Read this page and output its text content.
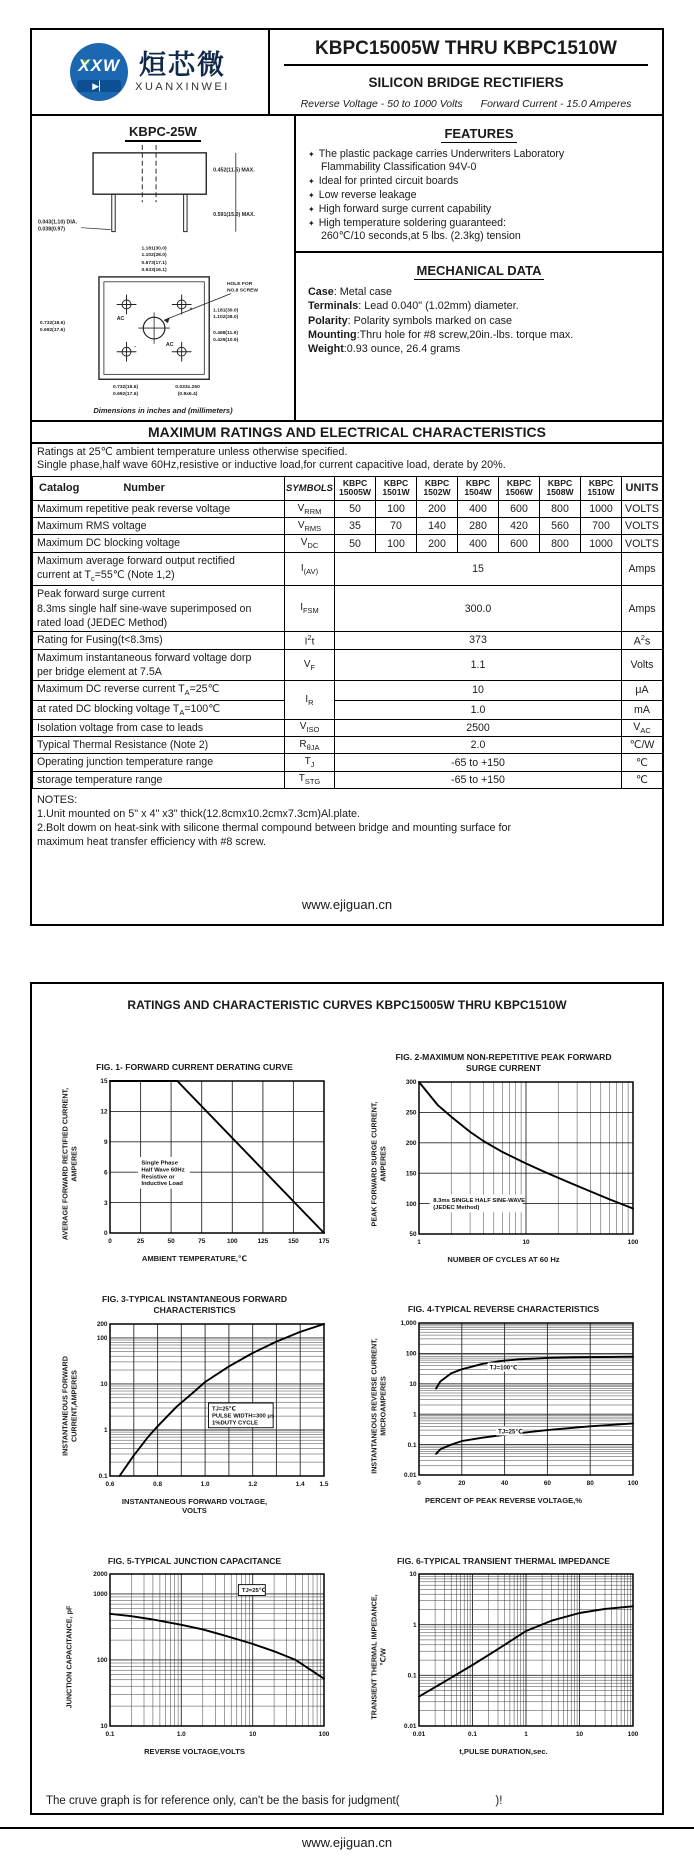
XXW
▶▏
烜芯微
XUANXINWEI
KBPC15005W THRU KBPC1510W
SILICON BRIDGE RECTIFIERS
Reverse Voltage - 50 to 1000 Volts Forward Current - 15.0 Amperes
KBPC-25W
0.452(11.5) MAX.
0.591(15.0) MAX.
0.043(1.10) DIA.
0.038(0.97)
1.181(30.0)
1.102(28.0)
0.673(17.1)
0.633(16.1)
AC
-	AC
HOLE FOR
NO.8 SCREW
1.181(30.0)
1.102(28.0)
0.468(11.9)
0.429(10.9)
0.732(18.6)
0.692(17.6)
0.732(18.6)
0.692(17.6)
0.033x.250
(0.8x6.4)
Dimensions in inches and (millimeters)
FEATURES
✦ The plastic package carries Underwriters Laboratory
Flammability Classification 94V-0
✦ Ideal for printed circuit boards
✦ Low reverse leakage
✦ High forward surge current capability
✦ High temperature soldering guaranteed:
260℃/10 seconds,at 5 lbs. (2.3kg) tension
MECHANICAL DATA
Case: Metal case
Terminals: Lead 0.040" (1.02mm) diameter.
Polarity: Polarity symbols marked on case
Mounting:Thru hole for #8 screw,20in.-lbs. torque max.
Weight:0.93 ounce, 26.4 grams
MAXIMUM RATINGS AND ELECTRICAL CHARACTERISTICS
Ratings at 25℃ ambient temperature unless otherwise specified.
Single phase,half wave 60Hz,resistive or inductive load,for current capacitive load, derate by 20%.
Catalog Number	SYMBOLS	KBPC
15005W	KBPC
1501W	KBPC
1502W	KBPC
1504W	KBPC
1506W	KBPC
1508W	KBPC
1510W	UNITS
Maximum repetitive peak reverse voltage	$V_{RRM}$	50	100	200	400	600	800	1000	VOLTS
Maximum RMS voltage	$V_{RMS}$	35	70	140	280	420	560	700	VOLTS
Maximum DC blocking voltage	$V_{DC}$	50	100	200	400	600	800	1000	VOLTS
Maximum average forward output rectified
current at $T_c=55℃$ (Note 1,2)	$I_{(AV)}$	15							Amps
Peak forward surge current
8.3ms single half sine-wave superimposed on
rated load (JEDEC Method)	$I_{FSM}$	300.0							Amps
Rating for Fusing(t<8.3ms)	$I^2t$	373							$A^2s$
Maximum instantaneous forward voltage dorp
per bridge element at 7.5A	$V_F$	1.1							Volts
Maximum DC reverse current $T_A=25℃$	$I_R$	10							μA
at rated DC blocking voltage $T_A=100℃$		1.0							mA
Isolation voltage from case to leads	$V_{ISO}$	2500							$V_{AC}$
Typical Thermal Resistance (Note 2)	$R_{\theta JA}$	2.0							℃/W
Operating junction temperature range	$T_J$	-65 to +150							℃
storage temperature range	$T_{STG}$	-65 to +150							℃
NOTES:
1.Unit mounted on 5" x 4" x3" thick(12.8cmx10.2cmx7.3cm)Al.plate.
2.Bolt dowm on heat-sink with silicone thermal compound between bridge and mounting surface for
maximum heat transfer efficiency with #8 screw.
www.ejiguan.cn
RATINGS AND CHARACTERISTIC CURVES KBPC15005W THRU KBPC1510W
FIG. 1- FORWARD CURRENT DERATING CURVE
AVERAGE FORWARD RECTIFIED CURRENT,
AMPERES
0	25	50	75	100	125	150	175
0
3
6
9
12
15
Single Phase
Half Wave 60Hz
Resistive or
Inductive Load
AMBIENT TEMPERATURE,℃
FIG. 2-MAXIMUM NON-REPETITIVE PEAK FORWARD
SURGE CURRENT
PEAK FORWARD SURGE CURRENT,
AMPERES
1	10	100
50
100
150
200
250
300
8.3ms SINGLE HALF SINE-WAVE
(JEDEC Method)
NUMBER OF CYCLES AT 60 Hz
FIG. 3-TYPICAL INSTANTANEOUS FORWARD
CHARACTERISTICS
INSTANTANEOUS FORWARD
CURRENT,AMPERES
0.6	0.8	1.0	1.2	1.4 1.5
0.1
1
10
100
200
TJ=25℃
PULSE WIDTH=300 μs
1%DUTY CYCLE
INSTANTANEOUS FORWARD VOLTAGE,
VOLTS
FIG. 4-TYPICAL REVERSE CHARACTERISTICS
INSTANTANEOUS REVERSE CURRENT,
MICROAMPERES
0	20	40	60	80	100
0.01
0.1
1
10
100
1,000
TJ=100℃
TJ=25℃
PERCENT OF PEAK REVERSE VOLTAGE,%
FIG. 5-TYPICAL JUNCTION CAPACITANCE
JUNCTION CAPACITANCE, pF
0.1	1.0	10	100
10
100
1000
2000
TJ=25℃
REVERSE VOLTAGE,VOLTS
FIG. 6-TYPICAL TRANSIENT THERMAL IMPEDANCE
TRANSIENT THERMAL IMPEDANCE,
℃/W
0.01	0.1	1	10	100
0.01
0.1
1
10
t,PULSE DURATION,sec.
The cruve graph is for reference only, can't be the basis for judgment(                              )!
www.ejiguan.cn
